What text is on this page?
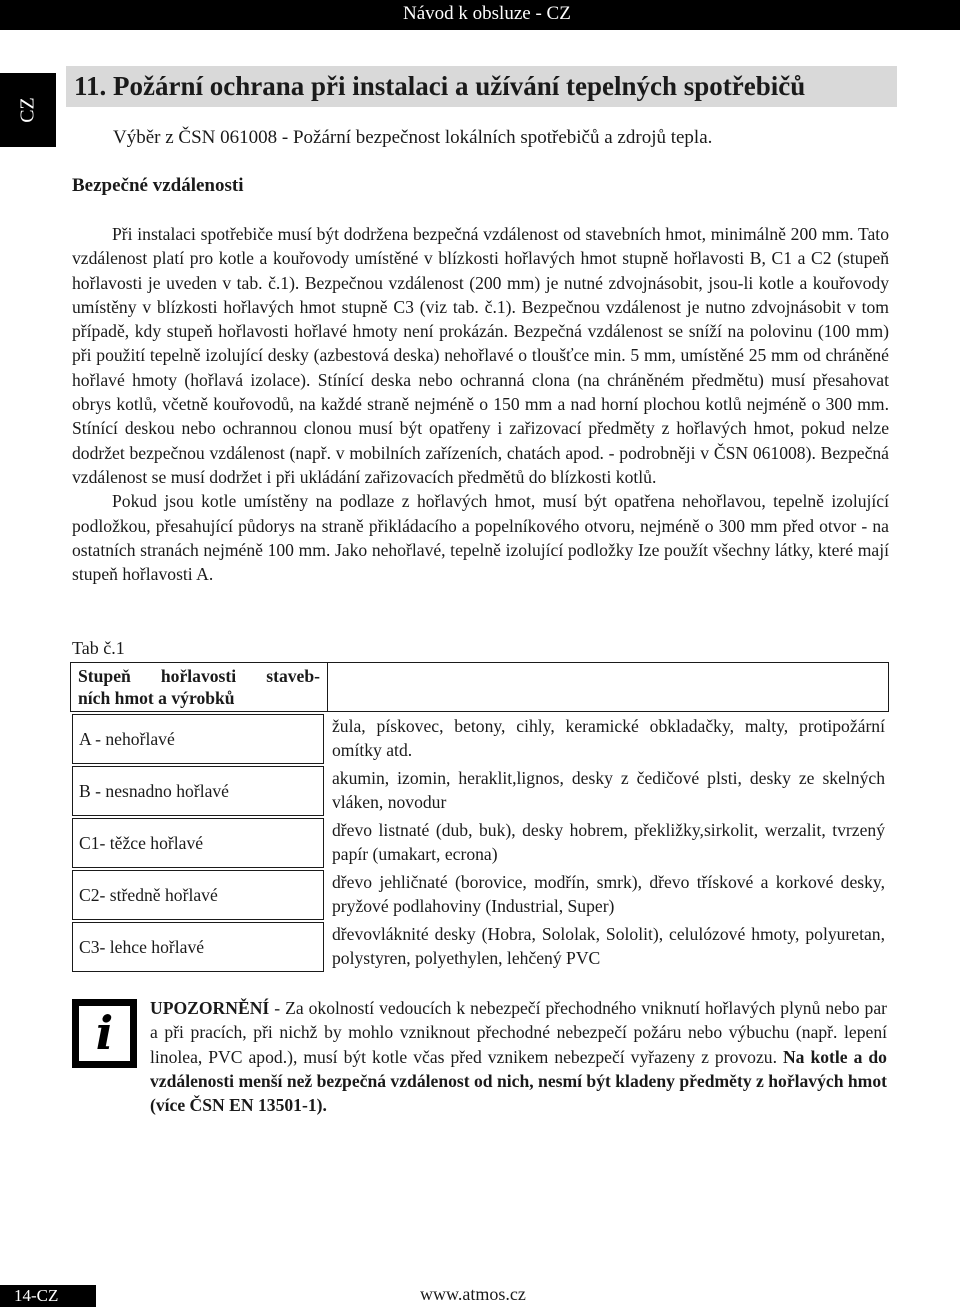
Návod k obsluze - CZ
CZ
11. Požární ochrana při instalaci a užívání tepelných spotřebičů
Výběr z ČSN 061008 - Požární bezpečnost lokálních spotřebičů a zdrojů tepla.
Bezpečné vzdálenosti

Při instalaci spotřebiče musí být dodržena bezpečná vzdálenost od stavebních hmot, minimálně 200 mm. Tato vzdálenost platí pro kotle a kouřovody umístěné v blízkosti hořlavých hmot stupně hořlavosti B, C1 a C2 (stupeň hořlavosti je uveden v tab. č.1). Bezpečnou vzdálenost (200 mm) je nutné zdvojnásobit, jsou-li kotle a kouřovody umístěny v blízkosti hořlavých hmot stupně C3 (viz tab. č.1). Bezpečnou vzdálenost je nutno zdvojnásobit v tom případě, kdy stupeň hořlavosti hořlavé hmoty není prokázán. Bezpečná vzdálenost se sníží na polovinu (100 mm) při použití tepelně izolující desky (azbestová deska) nehořlavé o tloušťce min. 5 mm, umístěné 25 mm od chráněné hořlavé hmoty (hořlavá izolace). Stínící deska nebo ochranná clona (na chráněném předmětu) musí přesahovat obrys kotlů, včetně kouřovodů, na každé straně nejméně o 150 mm a nad horní plochou kotlů nejméně o 300 mm. Stínící deskou nebo ochrannou clonou musí být opatřeny i zařizovací předměty z hořlavých hmot, pokud nelze dodržet bezpečnou vzdálenost (např. v mobilních zařízeních, chatách apod. - podrobněji v ČSN 061008). Bezpečná vzdálenost se musí dodržet i při ukládání zařizovacích předmětů do blízkosti kotlů.

Pokud jsou kotle umístěny na podlaze z hořlavých hmot, musí být opatřena nehořlavou, tepelně izolující podložkou, přesahující půdorys na straně přikládacího a popelníkového otvoru, nejméně o 300 mm před otvor - na ostatních stranách nejméně 100 mm. Jako nehořlavé, tepelně izolující podložky Ize použít všechny látky, které mají stupeň hořlavosti A.

Tab č.1
Stupeň hořlavosti staveb-
ních hmot a výrobků
A - nehořlavé
žula, pískovec, betony, cihly, keramické obkladačky, malty, protipožární omítky atd.
B - nesnadno hořlavé
akumin, izomin, heraklit,lignos, desky z čedičové plsti, desky ze skelných vláken, novodur
C1- těžce hořlavé
dřevo listnaté (dub, buk), desky hobrem, překližky,sirkolit, werzalit, tvrzený papír (umakart, ecrona)
C2- středně hořlavé
dřevo jehličnaté (borovice, modřín, smrk), dřevo třískové a korkové desky, pryžové podlahoviny (Industrial, Super)
C3- lehce hořlavé
dřevovláknité desky (Hobra, Sololak, Sololit), celulózové hmoty, polyuretan, polystyren, polyethylen, lehčený PVC
i	UPOZORNĚNÍ - Za okolností vedoucích k nebezpečí přechodného vniknutí hořlavých plynů nebo par a při pracích, při nichž by mohlo vzniknout přechodné nebezpečí požáru nebo výbuchu (např. lepení linolea, PVC apod.), musí být kotle včas před vznikem nebezpečí vyřazeny z provozu. Na kotle a do vzdálenosti menší než bezpečná vzdálenost od nich, nesmí být kladeny předměty z hořlavých hmot (více ČSN EN 13501-1).

14-CZ	www.atmos.cz
